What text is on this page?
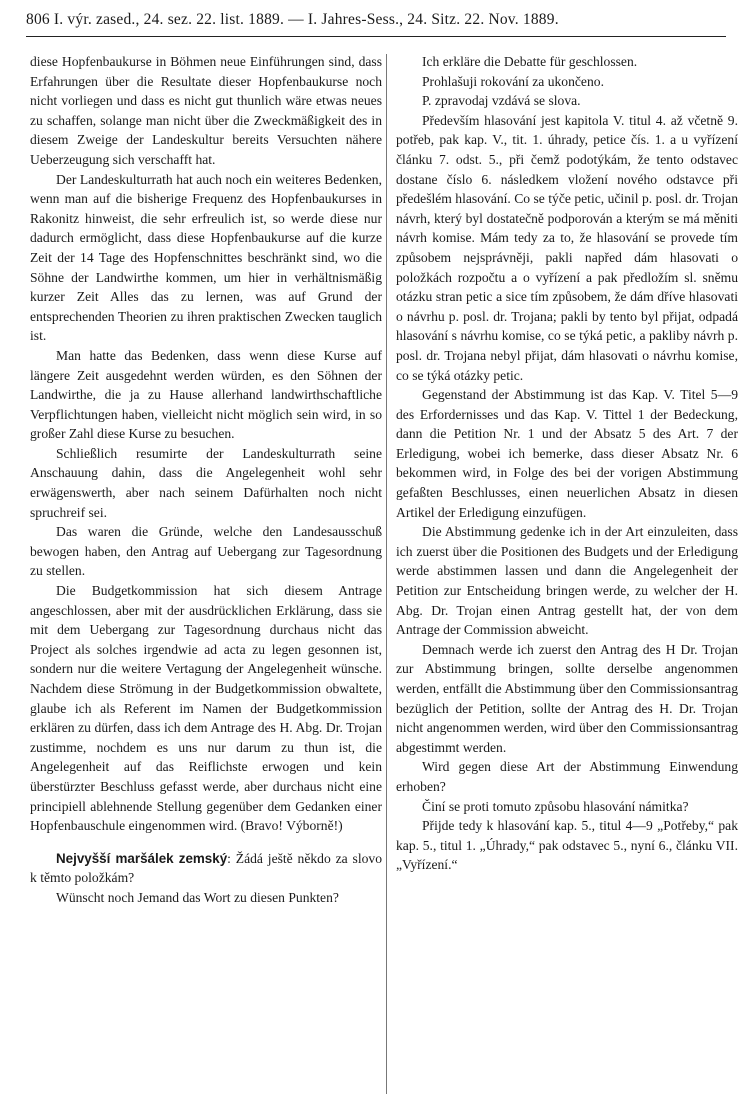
806 I. výr. zased., 24. sez. 22. list. 1889. — I. Jahres-Sess., 24. Sitz. 22. Nov. 1889.

diese Hopfenbaukurse in Böhmen neue Einführungen sind, dass Erfahrungen über die Resultate dieser Hopfenbaukurse noch nicht vorliegen und dass es nicht gut thunlich wäre etwas neues zu schaffen, solange man nicht über die Zweckmäßigkeit des in diesem Zweige der Landeskultur bereits Versuchten nähere Ueberzeugung sich verschafft hat.

Der Landeskulturrath hat auch noch ein weiteres Bedenken, wenn man auf die bisherige Frequenz des Hopfenbaukurses in Rakonitz hinweist, die sehr erfreulich ist, so werde diese nur dadurch ermöglicht, dass diese Hopfenbaukurse auf die kurze Zeit der 14 Tage des Hopfenschnittes beschränkt sind, wo die Söhne der Landwirthe kommen, um hier in verhältnismäßig kurzer Zeit Alles das zu lernen, was auf Grund der entsprechenden Theorien zu ihren praktischen Zwecken tauglich ist.

Man hatte das Bedenken, dass wenn diese Kurse auf längere Zeit ausgedehnt werden würden, es den Söhnen der Landwirthe, die ja zu Hause allerhand landwirthschaftliche Verpflichtungen haben, vielleicht nicht möglich sein wird, in so großer Zahl diese Kurse zu besuchen.

Schließlich resumirte der Landeskulturrath seine Anschauung dahin, dass die Angelegenheit wohl sehr erwägenswerth, aber nach seinem Dafürhalten noch nicht spruchreif sei.

Das waren die Gründe, welche den Landesausschuß bewogen haben, den Antrag auf Uebergang zur Tagesordnung zu stellen.

Die Budgetkommission hat sich diesem Antrage angeschlossen, aber mit der ausdrücklichen Erklärung, dass sie mit dem Uebergang zur Tagesordnung durchaus nicht das Project als solches irgendwie ad acta zu legen gesonnen ist, sondern nur die weitere Vertagung der Angelegenheit wünsche. Nachdem diese Strömung in der Budgetkommission obwaltete, glaube ich als Referent im Namen der Budgetkommission erklären zu dürfen, dass ich dem Antrage des H. Abg. Dr. Trojan zustimme, nochdem es uns nur darum zu thun ist, die Angelegenheit auf das Reiflichste erwogen und kein überstürzter Beschluss gefasst werde, aber durchaus nicht eine principiell ablehnende Stellung gegenüber dem Gedanken einer Hopfenbauschule eingenommen wird. (Bravo! Výborně!)

Nejvyšší maršálek zemský: Žádá ještě někdo za slovo k těmto položkám?

Wünscht noch Jemand das Wort zu diesen Punkten?

Ich erkläre die Debatte für geschlossen.

Prohlašuji rokování za ukončeno.

P. zpravodaj vzdává se slova.

Především hlasování jest kapitola V. titul 4. až včetně 9. potřeb, pak kap. V., tit. 1. úhrady, petice čís. 1. a u vyřízení článku 7. odst. 5., při čemž podotýkám, že tento odstavec dostane číslo 6. následkem vložení nového odstavce při předešlém hlasování. Co se týče petic, učinil p. posl. dr. Trojan návrh, který byl dostatečně podporován a kterým se má měniti návrh komise. Mám tedy za to, že hlasování se provede tím způsobem nejsprávněji, pakli napřed dám hlasovati o položkách rozpočtu a o vyřízení a pak předložím sl. sněmu otázku stran petic a sice tím způsobem, že dám dříve hlasovati o návrhu p. posl. dr. Trojana; pakli by tento byl přijat, odpadá hlasování s návrhu komise, co se týká petic, a pakliby návrh p. posl. dr. Trojana nebyl přijat, dám hlasovati o návrhu komise, co se týká otázky petic.

Gegenstand der Abstimmung ist das Kap. V. Titel 5—9 des Erfordernisses und das Kap. V. Tittel 1 der Bedeckung, dann die Petition Nr. 1 und der Absatz 5 des Art. 7 der Erledigung, wobei ich bemerke, dass dieser Absatz Nr. 6 bekommen wird, in Folge des bei der vorigen Abstimmung gefaßten Beschlusses, einen neuerlichen Absatz in diesen Artikel der Erledigung einzufügen.

Die Abstimmung gedenke ich in der Art einzuleiten, dass ich zuerst über die Positionen des Budgets und der Erledigung werde abstimmen lassen und dann die Angelegenheit der Petition zur Entscheidung bringen werde, zu welcher der H. Abg. Dr. Trojan einen Antrag gestellt hat, der von dem Antrage der Commission abweicht.

Demnach werde ich zuerst den Antrag des H Dr. Trojan zur Abstimmung bringen, sollte derselbe angenommen werden, entfällt die Abstimmung über den Commissionsantrag bezüglich der Petition, sollte der Antrag des H. Dr. Trojan nicht angenommen werden, wird über den Commissionsantrag abgestimmt werden.

Wird gegen diese Art der Abstimmung Einwendung erhoben?

Činí se proti tomuto způsobu hlasování námitka?

Přijde tedy k hlasování kap. 5., titul 4—9 „Potřeby,“ pak kap. 5., titul 1. „Úhrady,“ pak odstavec 5., nyní 6., článku VII. „Vyřízení.“
